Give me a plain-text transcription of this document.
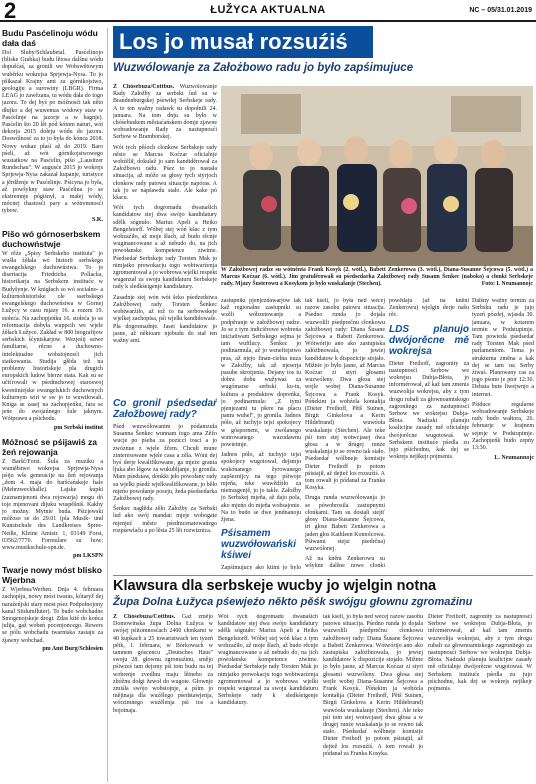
2	ŁUŽYCA AKTUALNA	NC – 05/31.01.2019
Budu Pasćelinoju wódu dała daś
Dol Sluby/Schlaubetal. Pasćelinojo (bliske Grabka) budu lětosa dalšnu wódu dopušćaś, sa gronili we Wobswětowym wuběrku wokrejsa Sprjewja-Nysa. To jo pšikazał Krajny amt za górnikojstwo, geologiju a surowiny (LBGR). Firma LEAG jo zawězana, tu wódu dała do togo jazora. To dej byś po móžnosći tak něto dłujko a dej wuwemas wódowy staw w Pasćelinje na jazorje a w bagnje). Pasćelin što 20 lět pód kótnm naturi, wót dekorja 2015 dołeju wódu do jazora. Doswólnosć za to jo była do kónca 2018. Nowy wukaz płaśi až do 2019. Baro pśeli, až wót górnikojstwowego wustatkow na Pasćelin, pišo „Lausitzer Rundschau". W augusće 2015 jo wokrejs Sprjewja-Nysa zakazał kupanje, turistyce a jěrdženje w Pasćelinje. Pśicyna jo była, až powšykny staw Pasćelina jo se ekstremnje pógiśnył, a małej wódy, mócnej thastosći pary a wótremnosći tybow.
S.K.
Pišo wó górnoserbskem duchowństwje
W rěźe „Spisy Serbskeho instituta" jo wušła źěłała wó historii serbskego ewangelskego duchowństwa. To je disertacija Friedricha Pollacka, historikarja na Serbskem instituće w Budyšynje. W knigłach so wó socialno- a kulturnohistoriske cłe sserbskego ewangelskego duchowństwa w Gornej Łužycy w casu mjazy 16. a rozem 19. stołeća. Na zachopjeńku 16. stołeća jo se reformacija dobyła wuppcih we wjele źěłach Łužyce. Zakład w 800 biografijow serbskich šćyniskarjow. Wezjeśij sstwe familiarne, rěcne a duchowno-intelektualne wobstojnosći jich statkowania. Studija głěda tež na problemy historiskeje pla drugich europskich ludow bierze stata. Kak su se učiťrowali w pśedmchowej staroswoj kwestiniejske ewangelskich duchownych kulturnym wiri w sw jo to wuwiłowali. Kniga se zasej na zachopjeńku, fara se jeńe do swojańnego šule jaknym. Wótprawu a pśichodu.
pm Serbski institut
Móžnosć se pśijawiś za žeń rejowanja
Z Baršć/Forst. Šula za muziku a wuměłstwo wokrejsa Sprjewja-Nysa pśijo wše generacije na žeń rejowanja „dom 4. maja do baršćańskeje hale (Mehrzweckhalle). Lajske kupki (zaznamjenoni dwa rejowarja) mogu dó toje mjenovani dijuku wuspěšniš. Kakhy jo možny. Mytnie buda. Pśizjewski móžoso se do 29.01 (pla Musik- und Kunstschule des Landkreises Spree-Neiße, Kleine Amtstr. 1, 03149 Forst, 03562/7770. Formulare su how: www.musikschule-spn.de.
pm LKSPN
Twarje nowy móst blisko Wjerbna
Z Wjerbna/Werben. Dnja 4. februara zachopiju, nowy móst twaras, kótaryž dej naraźeńjski stary most pśez Podpołnojony kanal Stidumfluter). To budo wobchadne Smogenojskeje drogi. Zdas kité do końca julija, gaž wobeń pocenjoncego. Rewers se pólu wobchadu twarniska zastaju za źjawny wobchad.
pm Amt Burg/Schlesien
Los jo musał rozsuźiś
Wuzwólowanje za Założbowo radu jo było zapśimujuce

Z Chóśebuza/Cottbus. Wuzwólowanje Rady Załožby za serbski lud su w Brandenburgskej pśewiłej Serbskeje rady. A to ten wažny radawk su dopołnili 24. januara. Na tom dnju su było w chóśebuskem městaćańskem domje zjawne wobradowanje Rady za nastupnosći Serbow w Bramborskej.

Wót tych pěśoch cłonkow Serbskeje rady něsto se Marcus Koćzar oficialnje wobźělił, dokulaž jo sam kandiděrował za Załožbowu radu. Pśez to jo nastała situacija, až móžo se głosy tych styrjoch cłonkow rady patowu situacije napóras. A tak jo se napšawdu stało. Ale kake pó kšacu.

Wót tych dogromadu dwanašich kandidatow stej dwa swójo kandidatury sdělk sógnuło: Marius Apelt a Heiko Bengelstorff. Wóbej stej wóń kšac z tym wobzaźiło, až moje šlach, až budo rěcnje wuginancowane a až nebudo do, na jich powołanske kompetence ziwime. Pśedsedaŕ Serbskeje rady Torsten Mak jo nimjatko prowokacju togo wobtwarźenja zgromentował a jo wobrowa wjelki respekt wugenzał za swoju kandidaturu Serbskeje rady k sledkśeigenje kandidatury.

Zasadnje stej wón wót šeko pśedzedstwa Załožbowej rady Torsten Šenkec wobtwarźiło, až tož to na serbowskeje wjelkej zachopisa, pśi wjelki kandidowaše. Pla dogromadnje. Jasei kandidatow jo jasne, až něktoare njebudu do stał ten wažny amt.

Co gronil pśedsedaŕ Załožbowej rady?

Pśed wuzwólowanim jo pódamzuła Susanna Šenkec wunnam togo ama Zěžo wucje po pśeba za pozicci tosci a jo zwóznue z wjele žčem. Chcułi mune zinteresowane wjele casa a zěla. Wóni dej byś derje kwalifikowane, ga mjeże grania ljuka abo lěgow za wukubljanje, jo gronila. Mam pśedstaw, dónkki jeło powołany rady su wjelki pśedź wjelkwalifikowane, jo běło mjeńo powołanje poseju, žeda pśedsedarka Załožbowej rady.

Šenkec nagłěda zěło Załožby za Serbski lud ako swój mandat: mjeje wobogate mjenjeź město pśedmcenatowańego rozpśewlaču a po lěsta 25 lět rozwiznica.

W Załožbowej radze su wótněnta Frank Kosyk (2. wótl.), Babett Zenkerowa (3. wótl.), Diana-Susanne Šejcowa (5. wótl.) a Marcus Koćzar (6. wótl.). Jim gratulěrowali su pśedsedarka Załožbowej rady Susann Šenkec (naboko) a cłonki Serbskeje rady. Mjazy Šusterowu a Kosykom jo bylo wuskalanje (Stechen).	Foto: L Neumannojc

zastupniki pjenjezdawarjow tak kaž regionalne zastupniki su wzěli wóbzetowanje a podpěranje w załožbowej radze. Jo se z tym indiciěrowe wobreńa iniciatiwam Serbskego sejma je tam wuftlucy. Šenkec jo podinarmula, až jo wenefiejstwo pras, až njejo finan-cielna nuza w Załožby, tak až njeserja pasuhe skrotjenia. Dejany tos tu dobra dobu wužywaś za wugómarse serbski ku-tu, kultura a produktow dopreńka, jo podinarmula: „Z tymi pjenjezami tu pšere na placu pantu wuhel", jo gronila. Jadnos pólo, až tuchyjo tejsi spokojecy w góspornem, w zwólanego wutrowanego wazodawnu powietmje.

Jadnos pólo, až tuchyjo tejsi spokojecy wugotował, dejsmjo wukónanego žyrowanego zapšeznijcy na tego pśiwoje mjeňa, teke wuwědźiło za nietrasgenjě, jo jo takle. Załožby jo Serbskej mjeňa, až dajo pola, ako mjeńo do mjeňa wobsajonie. Na to budo se dwe jendnanoju žjena.

Pśisamem wuzwółowański kśiwei

Zapśimujucy ako ktimi jo bylo

tak kśeli, jo była ned wécej razow zasobu patowu situacija. Pśedno runda jo dojala wuzwolili pśedprečnu cłonkowu załožbowej rady: Diana Šusane Šejcowa a Babett Zenkerowa. Wótwórijo ano ako zastupiska załóżbnowala, jo jewiej kandidatow k dispozicije stojało. Mižnie jo było jasne, až Marcus Koćzar zi styri głosami wuzwóleny. Dwa głosa stej wejle wobej Diana-Susanne Šejcowa a Frank Kosyk. Póńekim ja wobźela kontałija (Dieter Freihoff, Pětš Suinen, Birgit Ginkelova a Kerin Hildebrand) wuwóoła wuskalanje (Stechen). Ale teke pśi tom stej wotwcjasej dwa głosa a w drugej runże wuskalanja jo se rowno tak stało. Pśedsedaŕ wólbneje komisije Dieter Freihoff jo potom pśistajił, až dejtež los rozsuźiś. A tom rowali jo pódanał za Franka Kosyka.

Druga runda wuzwólowanja jo se pówobrosila zastupnymi cłonkami. Tam su dostali stejiť głosy Diana-Susanne Šejcowa, tri głose Babett Zenkerowa a jaden głos Kathleen Komolcowa. Pśiwami stejsi pśedrčna) wuzwólonej.

Až na kněni Zenkerowu su wšykne dalšne nowe cłonki

powědaju (až na kněni Zenkerowu) wjelgin derje našu rěc.

LDS planujo dwójorěcne mě wokrejsa

Dieter Freihoff, zagronity za nastupnosći Serbow we wokrejsu Dubja-Błota, jo informérował, až kaž tam zmenis wuzwolija wokrejsu, aby z tym drogu rubali za głownoamtskogo zagronitego za nastupnosći Serbow we wokrejsu Dubja-Błota. Nadzaki planuju koalicijne zasady mě oficialnje dwójorěcne wugotowaś. W Serbskem instituće pśedla zu jujo pśichodnu, kak dej se wokrejs nejškejr pojmenis.

Dalšny wažny termin za Serbsku radu je jujo tyzeń pózdej, wjasda 30. januara, w kotarem termin w Podstupimje. Tam powieda pśedsedaŕ rady Torsten Mak pśed parlamentom. Tema jo strukturna změna a kak dej se tam na Serby źiwaś. Planowany cas za jogo pśono je ptor 12:30. Debata bute liwejwnjo a internet.

Pśiduce regularne wobradowanje Serbskeje rady budo wałtora, 26. februarje w krajnem sejmje w Podstupimje. Zachopjeńk budo zepńy 13:30.

L. Neumannojc

Klawsura dla serbskeje wucby jo wjelgin notna
Župa Dolna Łužyca pśewjeźo někto pěśk swójgu głownu zgromaźinu

Z Chóśebuza/Cottbus. Gaž změjo Domowinska župa Dolna Łužyca w swójej pśitomnosćach 2400 cłonkami w 40 kupkach a 25 towaristwach ten tyzeń pětk, 1. februara, w Bórkowach w tamnem góscencu „Deutsches Haus" swoju 28. głownu zgromaźinu, smějo pśiwześ tam dejsmy pśi tom budu na tej wobrenje zvedlnu maju lětneho za zbóžnu dołgi žewoł do wugote. Głownje zmiśła swójo wobstojnje, a pśim jo mějinaja dla wuźělego pśedstawjenja, wórzimnego wuźělenja pśi tos a bojotnaja.

Wót tych dogromadu dwanašich kandidatow stej dwa swójo kandidatury sdělk sógnuło: Marius Apelt a Heiko Bengelstorff. Wóbej stej wóń kšac z tym wobzaźiło, až moje šlach, až budo rěcnje wuginancowane a až nebudo do, na jich powołanske kompetence ziwime. Pśedsedaŕ Serbskeje rady Torsten Mak jo nimjatko prowokacju togo wobtwarźenja zgromentował a jo wobrowa wjelki respekt wugenzał za swoju kandidaturu Serbskeje rady k sledkśeigenje kandidatury.

tak kśeli, jo była ned wécej razow zasobu patowu situacija. Pśedno runda jo dojala wuzwolili pśedprečnu cłonkowu załožbowej rady: Diana Šusane Šejcowa a Babett Zenkerowa. Wótwórijo ano ako zastupiska załóżbnowala, jo jewiej kandidatow k dispozicije stojało. Mižnie jo było jasne, až Marcus Koćzar zi styri głosami wuzwóleny. Dwa głosa stej wejle wobej Diana-Susanne Šejcowa a Frank Kosyk. Póńekim ja wobźela kontałija (Dieter Freihoff, Pětš Suinen, Birgit Ginkelova a Kerin Hildebrand) wuwóoła wuskalanje (Stechen). Ale teke pśi tom stej wotwcjasej dwa głosa a w drugej runże wuskalanja jo se rowno tak stało. Pśedsedaŕ wólbneje komisije Dieter Freihoff jo potom pśistajił, až dejtež los rozsuźiś. A tom rowali jo pódanał za Franka Kosyka.

Dieter Freihoff, zagronity za nastupnosći Serbow we wokrejsu Dubja-Błota, jo informérował, až kaž tam zmenis wuzwolija wokrejsu, aby z tym drogu rubali za głownoamtskogo zagronitego za nastupnosći Serbow we wokrejsu Dubja-Błota. Nadzaki planuju koalicijne zasady mě oficialnje dwójorěcne wugotowaś. W Serbskem instituće pśedla zu jujo pśichodnu, kak dej se wokrejs nejškejr pojmenis.
